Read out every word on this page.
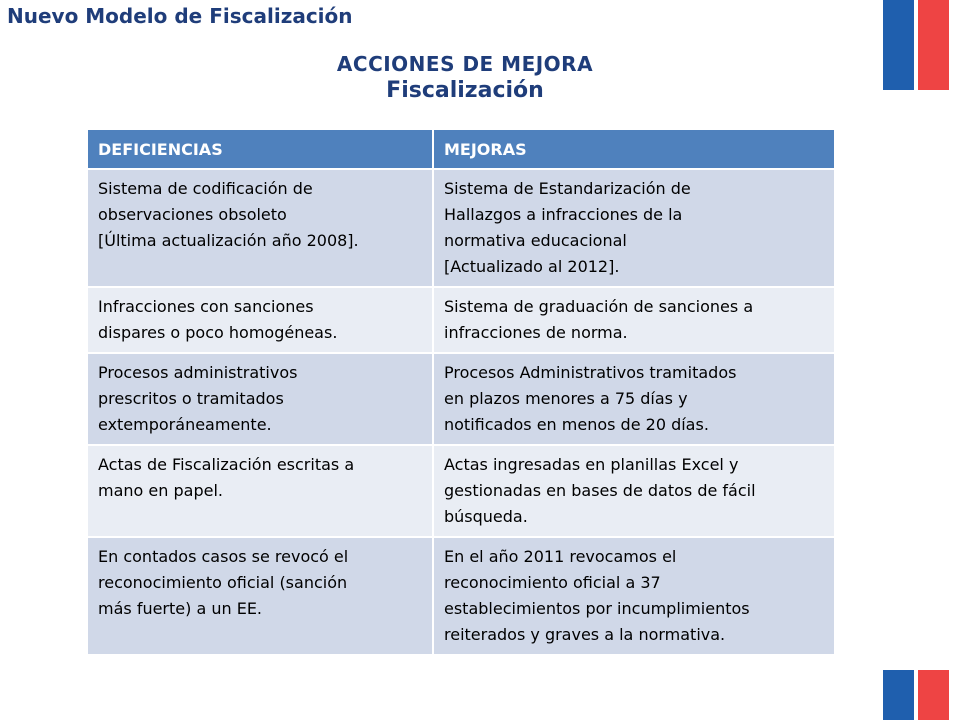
Nuevo Modelo de Fiscalización
ACCIONES DE MEJORA
Fiscalización
DEFICIENCIAS	MEJORAS

Sistema de codificación de
observaciones obsoleto
[Última actualización año 2008].	Sistema de Estandarización de
Hallazgos a infracciones de la
normativa educacional
[Actualizado al 2012].

Infracciones con sanciones
dispares o poco homogéneas.	Sistema de graduación de sanciones a
infracciones de norma.

Procesos administrativos
prescritos o tramitados
extemporáneamente.	Procesos Administrativos tramitados
en plazos menores a 75 días y
notificados en menos de 20 días.

Actas de Fiscalización escritas a
mano en papel.	Actas ingresadas en planillas Excel y
gestionadas en bases de datos de fácil
búsqueda.

En contados casos se revocó el
reconocimiento oficial (sanción
más fuerte) a un EE.	En el año 2011 revocamos el
reconocimiento oficial a 37
establecimientos por incumplimientos
reiterados y graves a la normativa.
